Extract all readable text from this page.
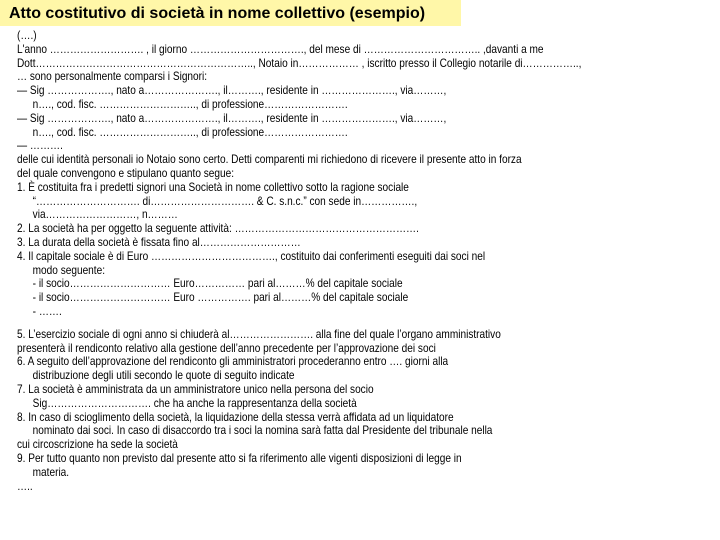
Atto costitutivo di società in nome collettivo (esempio)
(….)
L'anno ………………………. , il giorno ……………………………., del mese di …………………………….. ,davanti a me
Dott……………………………………………………….., Notaio in……………… , iscritto presso il Collegio notarile di……………..,
… sono personalmente comparsi i Signori:
— Sig ………………., nato a…………………., il………., residente in …………………., via………,
n…., cod. fisc. ……………………….., di professione…………………….
— Sig ………………., nato a…………………., il………., residente in …………………., via………,
n…., cod. fisc. ……………………….., di professione…………………….
— ……….
delle cui identità personali io Notaio sono certo. Detti comparenti mi richiedono di ricevere il presente atto in forza
del quale convengono e stipulano quanto segue:
1. È costituita fra i predetti signori una Società in nome collettivo sotto la ragione sociale
“…………………………. di…………………………. & C. s.n.c.” con sede in…………….,
via………………………, n………
2. La società ha per oggetto la seguente attività: ……………………………………………….
3. La durata della società è fissata fino al…………………………
4. Il capitale sociale è di Euro ………………………………., costituito dai conferimenti eseguiti dai soci nel
modo seguente:
- il socio………………………… Euro…………… pari al………% del capitale sociale
- il socio………………………… Euro ……………. pari al………% del capitale sociale
- …….
5. L’esercizio sociale di ogni anno si chiuderà al……………………. alla fine del quale l’organo amministrativo
presenterà il rendiconto relativo alla gestione dell’anno precedente per l’approvazione dei soci
6. A seguito dell’approvazione del rendiconto gli amministratori procederanno entro …. giorni alla
distribuzione degli utili secondo le quote di seguito indicate
7. La società è amministrata da un amministratore unico nella persona del socio
Sig…………………………. che ha anche la rappresentanza della società
8. In caso di scioglimento della società, la liquidazione della stessa verrà affidata ad un liquidatore
nominato dai soci. In caso di disaccordo tra i soci la nomina sarà fatta dal Presidente del tribunale nella
cui circoscrizione ha sede la società
9. Per tutto quanto non previsto dal presente atto si fa riferimento alle vigenti disposizioni di legge in
materia.
…..
